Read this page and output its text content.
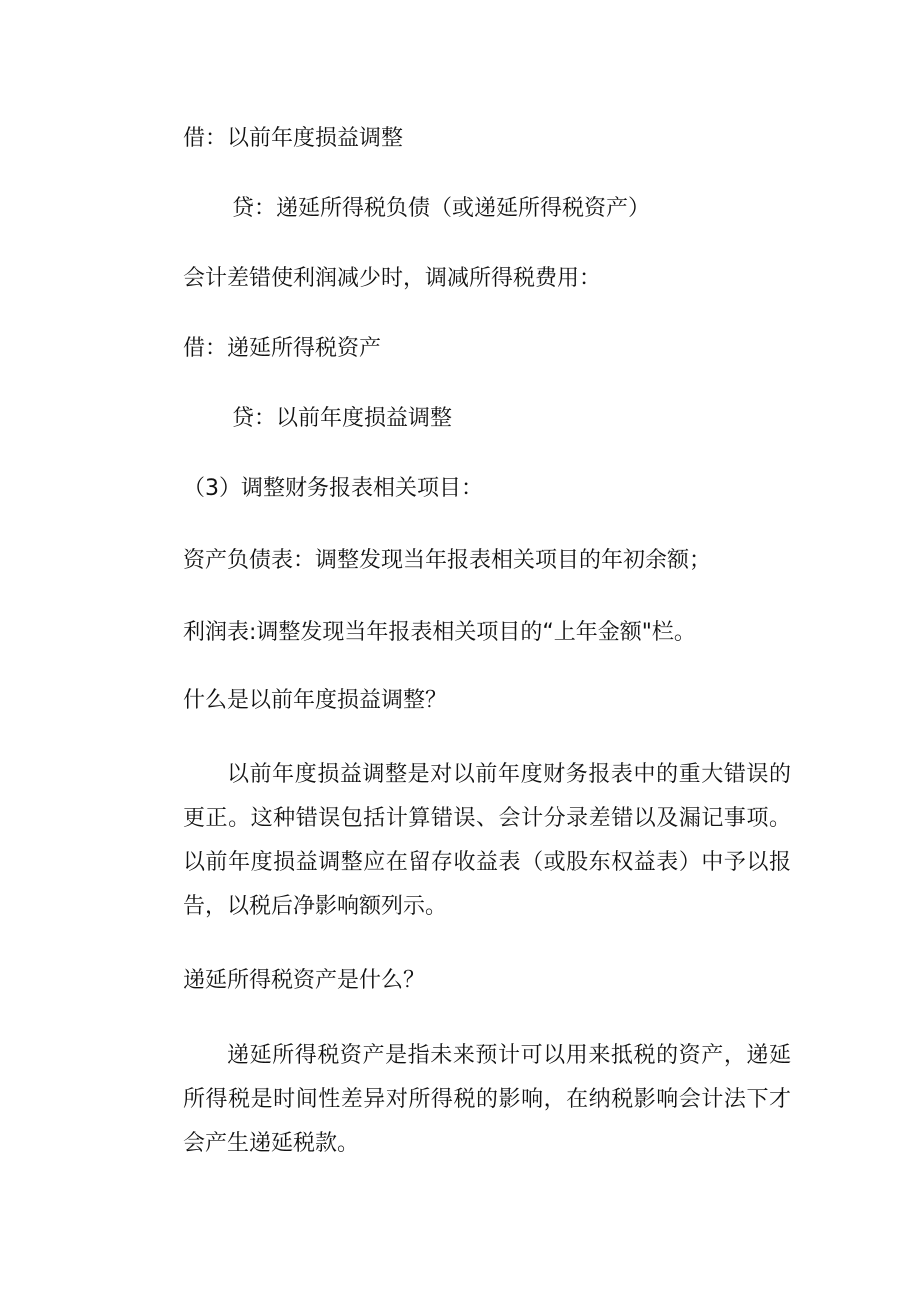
借：以前年度损益调整

贷：递延所得税负债（或递延所得税资产）

会计差错使利润减少时，调减所得税费用：

借：递延所得税资产

贷：以前年度损益调整

（3）调整财务报表相关项目：

资产负债表：调整发现当年报表相关项目的年初余额；

利润表:调整发现当年报表相关项目的“上年金额"栏。

什么是以前年度损益调整？

以前年度损益调整是对以前年度财务报表中的重大错误的更正。这种错误包括计算错误、会计分录差错以及漏记事项。以前年度损益调整应在留存收益表（或股东权益表）中予以报告，以税后净影响额列示。

递延所得税资产是什么？

递延所得税资产是指未来预计可以用来抵税的资产，递延所得税是时间性差异对所得税的影响，在纳税影响会计法下才会产生递延税款。
